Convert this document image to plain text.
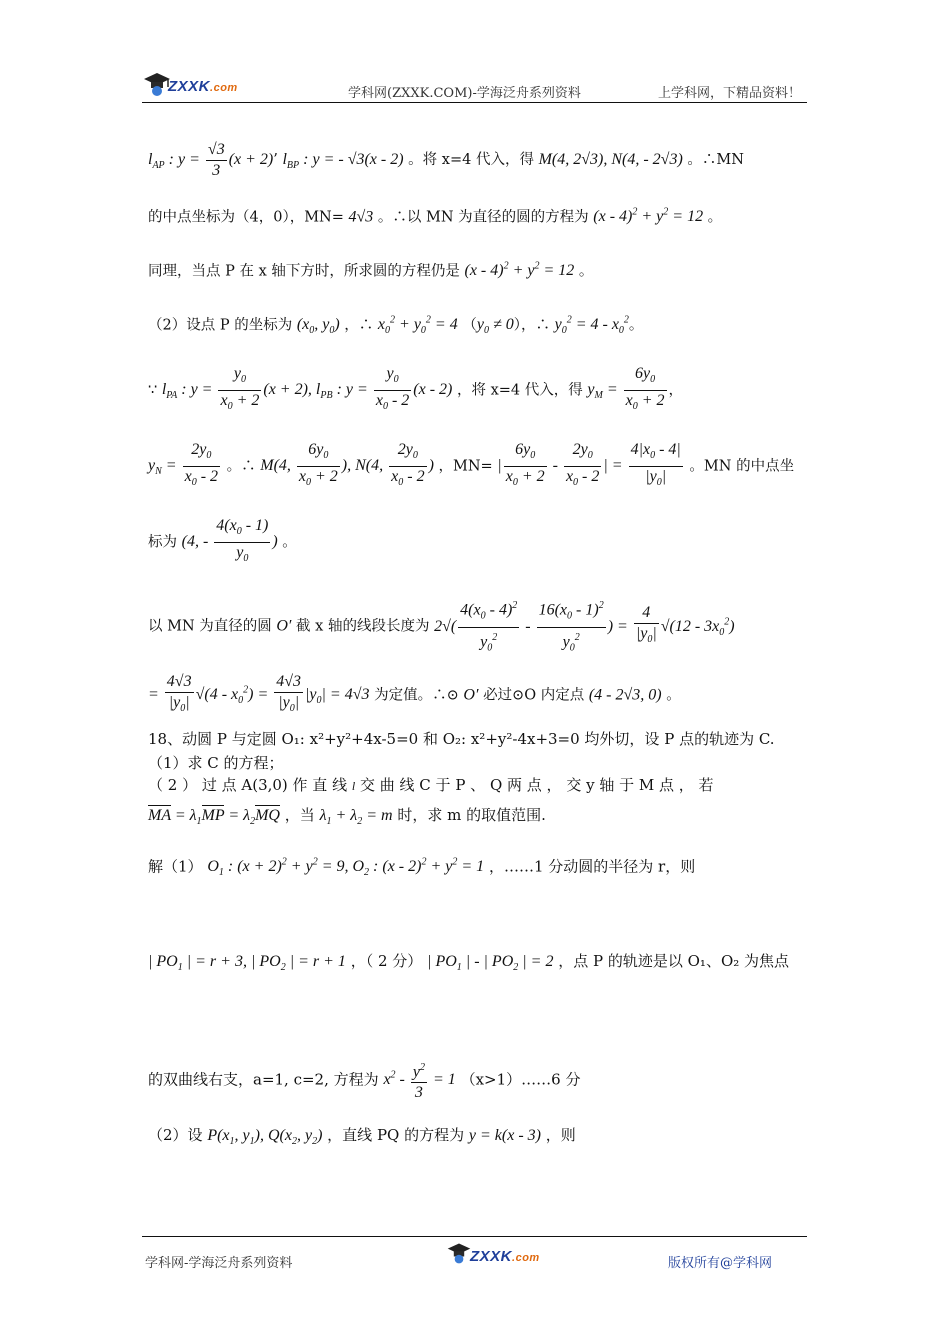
ZXXK.com	学科网(ZXXK.COM)-学海泛舟系列资料	上学科网，下精品资料！
$l_{AP}$ : $y = \frac{√3}{3} (x + 2)$’ $l_{BP}$ : y = - √3(x - 2) 。将 x=4 代入，得 M(4, 2√3), N(4, - 2√3) 。∴MN
的中点坐标为（4，0），MN= 4√3 。∴以 MN 为直径的圆的方程为 $(x - 4)^2 + y^2 = 12$ 。
同理，当点 P 在 x 轴下方时，所求圆的方程仍是 $(x - 4)^2 + y^2 = 12$ 。
（2）设点 P 的坐标为 ($x_0$, $y_0$) ，∴ $x_0^2 + y_0^2 = 4$ $(y_0 \ne 0)$，∴ $y_0^2 = 4 - x_0^2$。
∵ $l_{PA}$ : $y = \frac{y_0}{x_0 + 2} (x + 2)$, $l_{PB}$ : $y = \frac{y_0}{x_0 - 2} (x - 2)$ ，将 x=4 代入，得 $y_M = \frac{6y_0}{x_0 + 2}$ ，
$y_N = \frac{2y_0}{x_0 - 2}$ 。∴ M(4, $\frac{6y_0}{x_0 + 2}$ ), N(4, $\frac{2y_0}{x_0 - 2}$ ) ，MN= | $\frac{6y_0}{x_0 + 2} - \frac{2y_0}{x_0 - 2}$ | = $\frac{4|x_0 - 4|}{|y_0|}$ 。MN 的中点坐
标为 (4, - $\frac{4(x_0 - 1)}{y_0}$ ) 。
以 MN 为直径的圆 O′ 截 x 轴的线段长度为 $2√( \frac{4(x_0 - 4)^2}{y_0^2} - \frac{16(x_0 - 1)^2}{y_0^2}$ ) = $\frac{4}{|y_0|} √(12 - 3x_0^2)$
= $\frac{4√3}{|y_0|} √(4 - x_0^2) = \frac{4√3}{|y_0|} |y_0| = 4√3$ 为定值。∴⊙ O′ 必过⊙O 内定点 (4 - 2√3, 0) 。
18、动圆 P 与定圆 O₁: x²+y²+4x-5=0 和 O₂: x²+y²-4x+3=0 均外切，设 P 点的轨迹为 C.
（1）求 C 的方程；
（ 2 ） 过 点 A(3,0) 作 直 线 l 交 曲 线 C 于 P 、 Q 两 点 ， 交 y 轴 于 M 点 ， 若
MA = $\lambda_1MP = \lambda_2MQ$ ，当 $\lambda_1 + \lambda_2 = m$ 时，求 m 的取值范围.
解（1） $O_1$ : $(x + 2)^2 + y^2 = 9$, $O_2$ : $(x - 2)^2 + y^2 = 1$ ，……1 分动圆的半径为 r，则
| $PO_1$ | = r + 3, | $PO_2$ | = r + 1 ，（ 2 分） | $PO_1$ | - | $PO_2$ | = 2 ，点 P 的轨迹是以 O₁、O₂ 为焦点
的双曲线右支，a=1, c=2, 方程为 $x^2 - \frac{y^2}{3} = 1$ （x>1）……6 分
（2）设 $P(x_1$, $y_1$), $Q(x_2$, $y_2$) ，直线 PQ 的方程为 y = k(x - 3) ，则
学科网-学海泛舟系列资料	ZXXK.com	版权所有@学科网
